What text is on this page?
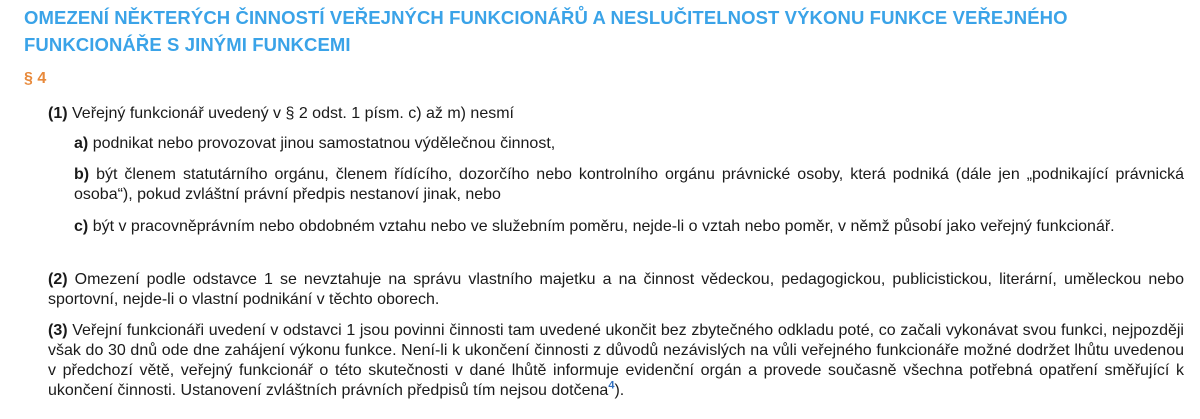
OMEZENÍ NĚKTERÝCH ČINNOSTÍ VEŘEJNÝCH FUNKCIONÁŘŮ A NESLUČITELNOST VÝKONU FUNKCE VEŘEJNÉHO FUNKCIONÁŘE S JINÝMI FUNKCEMI
§ 4

(1) Veřejný funkcionář uvedený v § 2 odst. 1 písm. c) až m) nesmí

a) podnikat nebo provozovat jinou samostatnou výdělečnou činnost,

b) být členem statutárního orgánu, členem řídícího, dozorčího nebo kontrolního orgánu právnické osoby, která podniká (dále jen „podnikající právnická osoba“), pokud zvláštní právní předpis nestanoví jinak, nebo

c) být v pracovněprávním nebo obdobném vztahu nebo ve služebním poměru, nejde-li o vztah nebo poměr, v němž působí jako veřejný funkcionář.

(2) Omezení podle odstavce 1 se nevztahuje na správu vlastního majetku a na činnost vědeckou, pedagogickou, publicistickou, literární, uměleckou nebo sportovní, nejde-li o vlastní podnikání v těchto oborech.

(3) Veřejní funkcionáři uvedení v odstavci 1 jsou povinni činnosti tam uvedené ukončit bez zbytečného odkladu poté, co začali vykonávat svou funkci, nejpozději však do 30 dnů ode dne zahájení výkonu funkce. Není-li k ukončení činnosti z důvodů nezávislých na vůli veřejného funkcionáře možné dodržet lhůtu uvedenou v předchozí větě, veřejný funkcionář o této skutečnosti v dané lhůtě informuje evidenční orgán a provede současně všechna potřebná opatření směřující k ukončení činnosti. Ustanovení zvláštních právních předpisů tím nejsou dotčena$^4$).
